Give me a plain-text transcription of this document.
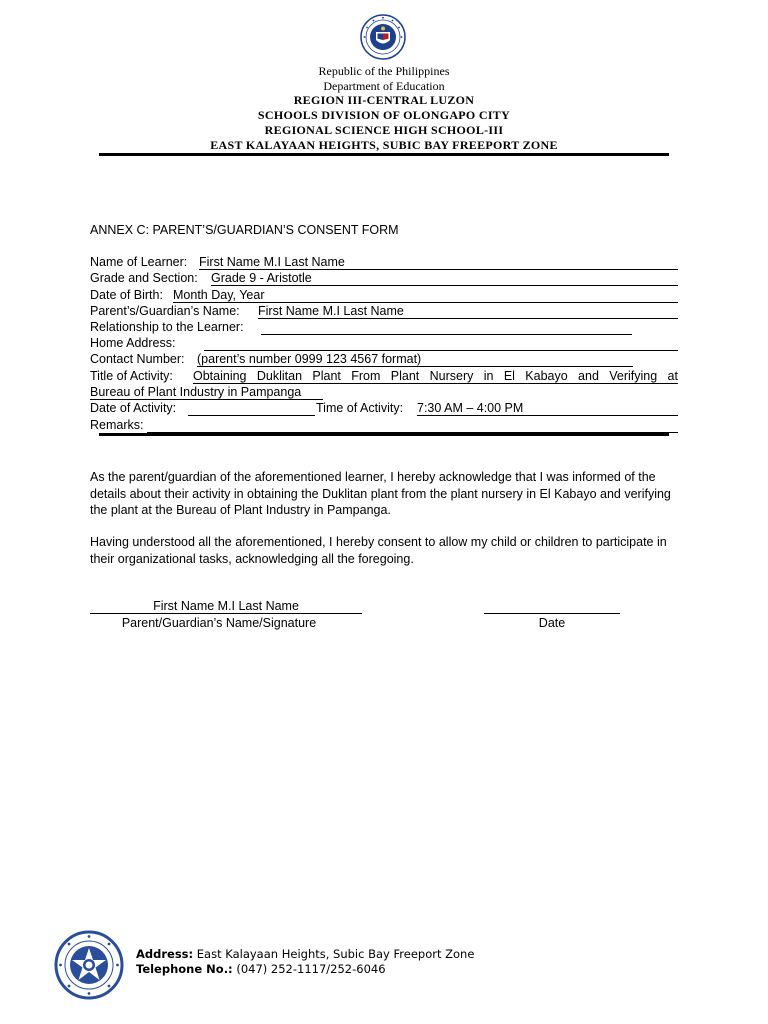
Republic of the Philippines
Department of Education
REGION III-CENTRAL LUZON
SCHOOLS DIVISION OF OLONGAPO CITY
REGIONAL SCIENCE HIGH SCHOOL-III
EAST KALAYAAN HEIGHTS, SUBIC BAY FREEPORT ZONE
ANNEX C: PARENT’S/GUARDIAN’S CONSENT FORM
Name of Learner: First Name M.I Last Name
Grade and Section: Grade 9 - Aristotle
Date of Birth: Month Day, Year
Parent’s/Guardian’s Name: First Name M.I Last Name
Relationship to the Learner:
Home Address:
Contact Number: (parent’s number 0999 123 4567 format)
Title of Activity: Obtaining Duklitan Plant From Plant Nursery in El Kabayo and Verifying at
Bureau of Plant Industry in Pampanga
Date of Activity:	Time of Activity: 7:30 AM – 4:00 PM
Remarks:
As the parent/guardian of the aforementioned learner, I hereby acknowledge that I was informed of the details about their activity in obtaining the Duklitan plant from the plant nursery in El Kabayo and verifying the plant at the Bureau of Plant Industry in Pampanga.
Having understood all the aforementioned, I hereby consent to allow my child or children to participate in their organizational tasks, acknowledging all the foregoing.
First Name M.I Last Name
Parent/Guardian’s Name/Signature	Date
Address: East Kalayaan Heights, Subic Bay Freeport Zone
Telephone No.: (047) 252-1117/252-6046
